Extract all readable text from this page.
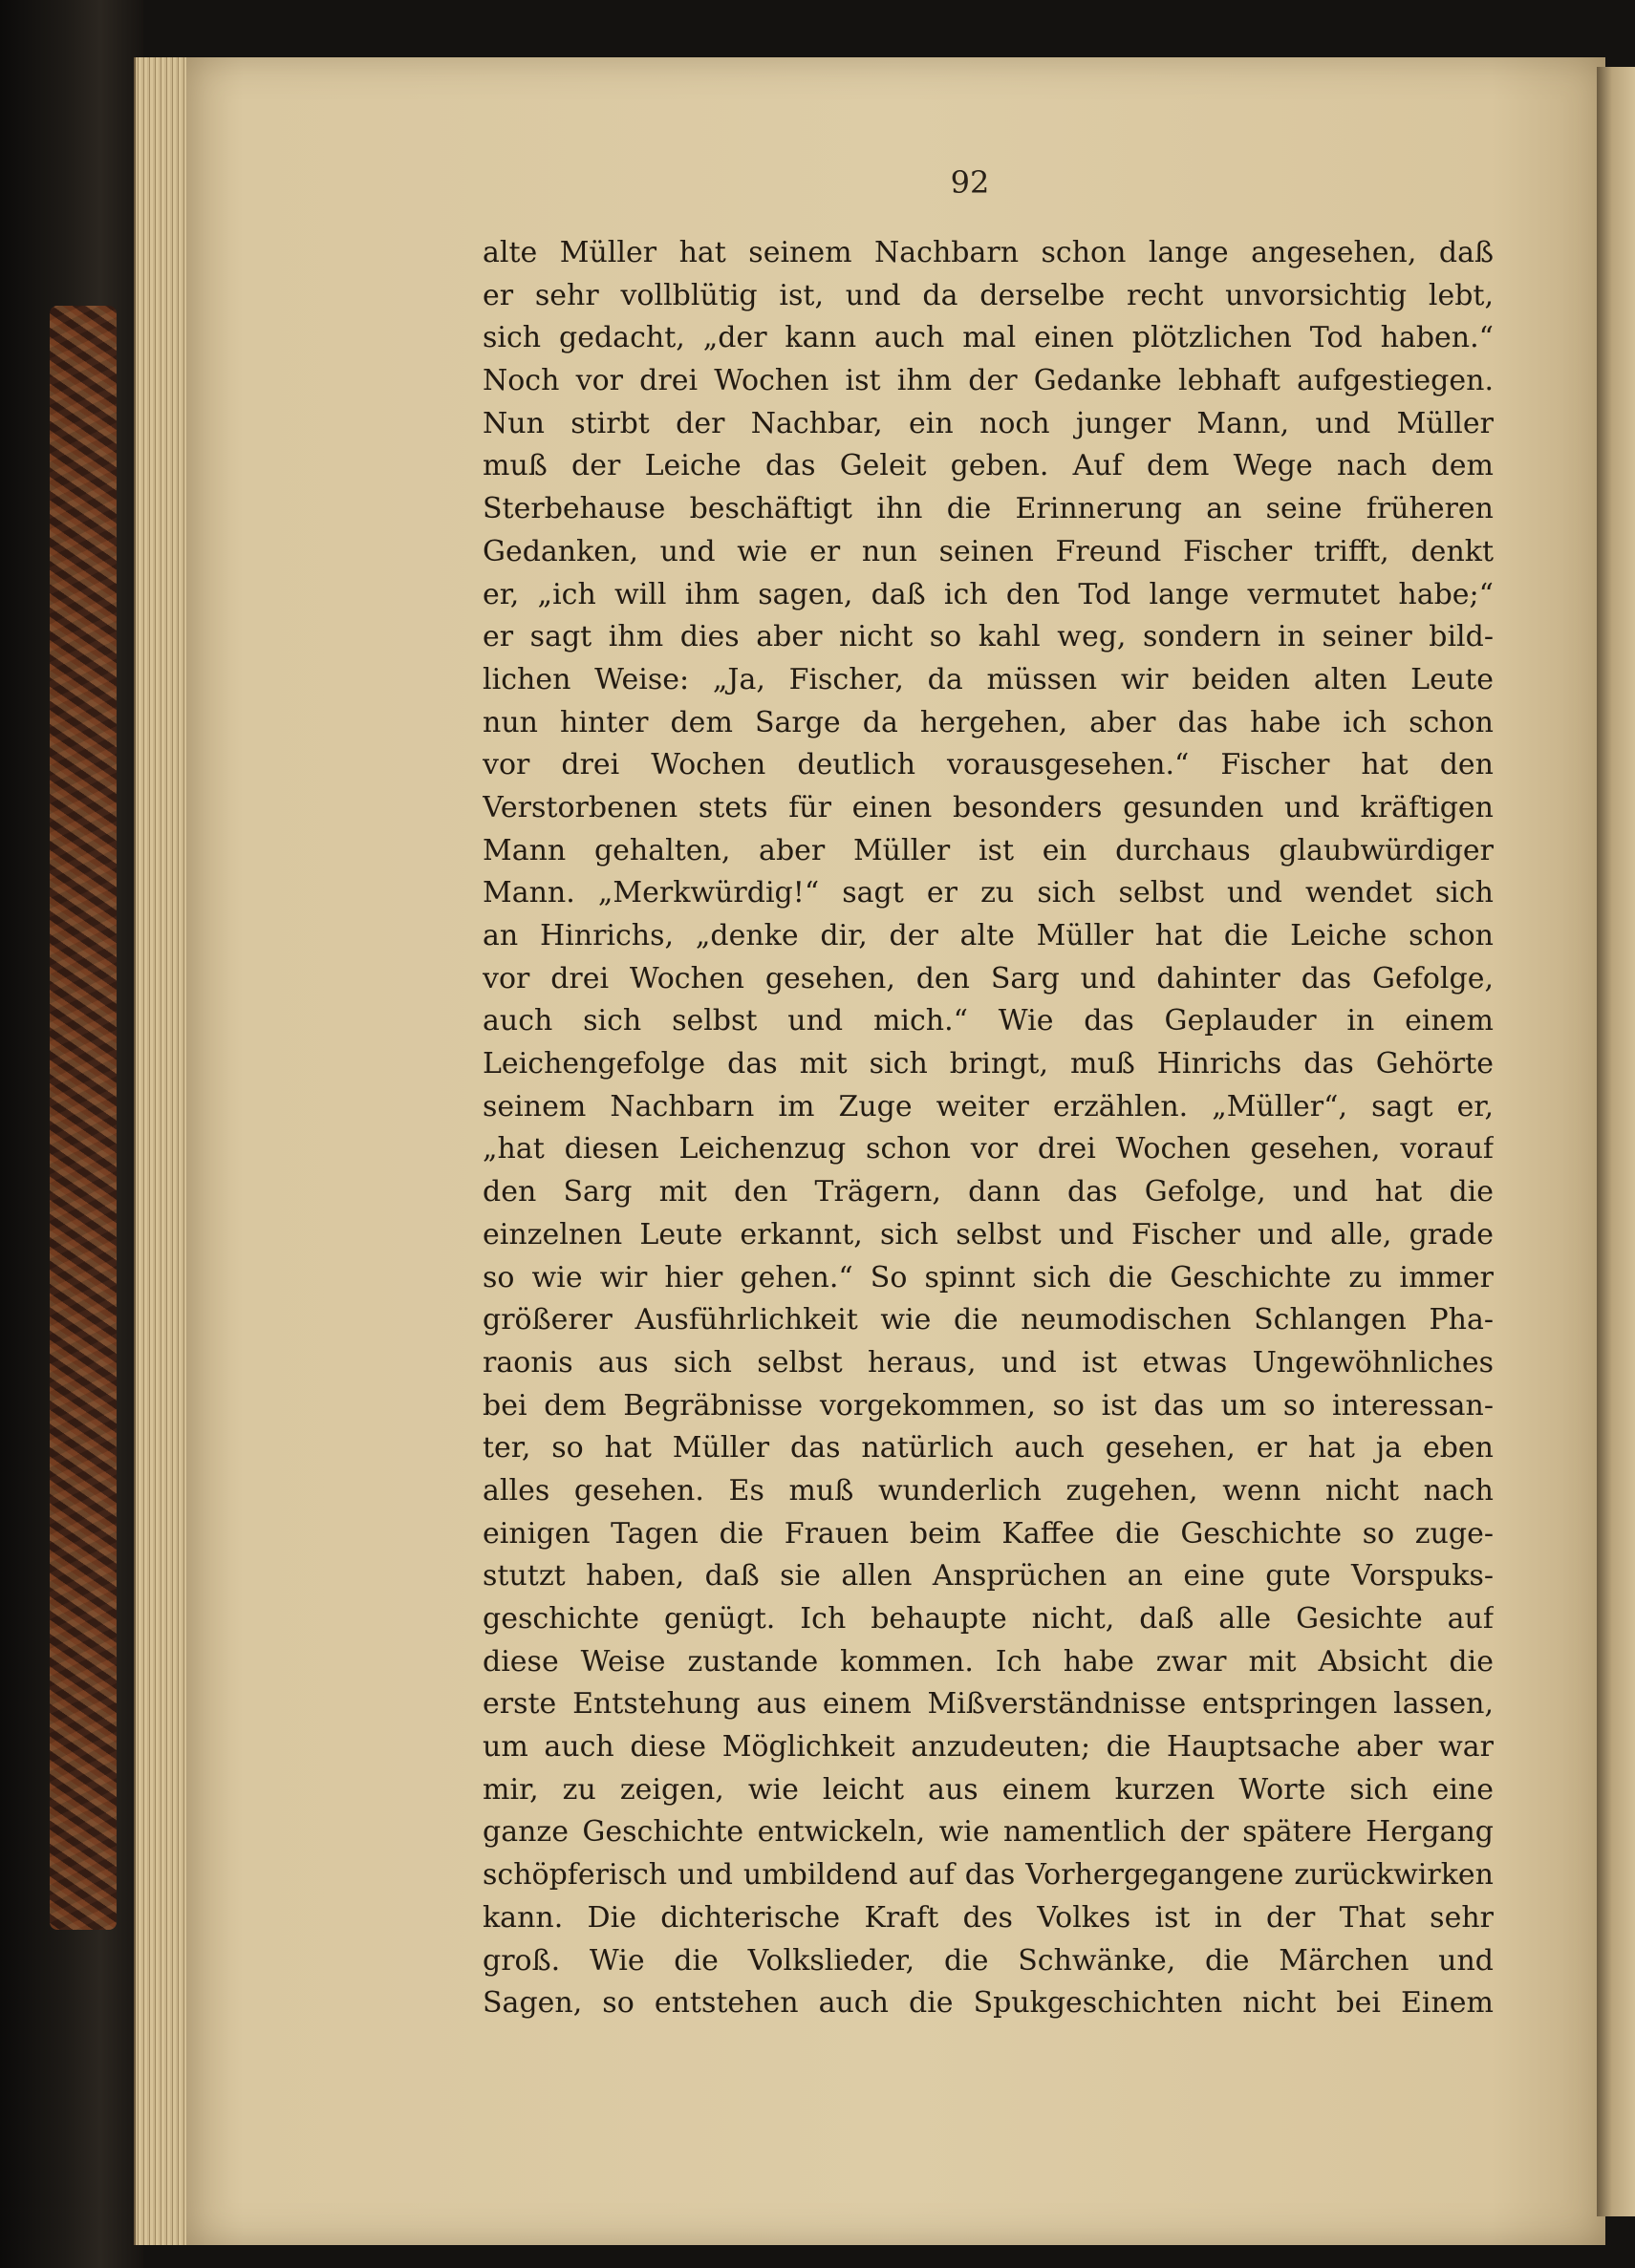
92
alte Müller hat seinem Nachbarn schon lange angesehen, daß
er sehr vollblütig ist, und da derselbe recht unvorsichtig lebt,
sich gedacht, „der kann auch mal einen plötzlichen Tod haben.“
Noch vor drei Wochen ist ihm der Gedanke lebhaft aufgestiegen.
Nun stirbt der Nachbar, ein noch junger Mann, und Müller
muß der Leiche das Geleit geben. Auf dem Wege nach dem
Sterbehause beschäftigt ihn die Erinnerung an seine früheren
Gedanken, und wie er nun seinen Freund Fischer trifft, denkt
er, „ich will ihm sagen, daß ich den Tod lange vermutet habe;“
er sagt ihm dies aber nicht so kahl weg, sondern in seiner bild-
lichen Weise: „Ja, Fischer, da müssen wir beiden alten Leute
nun hinter dem Sarge da hergehen, aber das habe ich schon
vor drei Wochen deutlich vorausgesehen.“ Fischer hat den
Verstorbenen stets für einen besonders gesunden und kräftigen
Mann gehalten, aber Müller ist ein durchaus glaubwürdiger
Mann. „Merkwürdig!“ sagt er zu sich selbst und wendet sich
an Hinrichs, „denke dir, der alte Müller hat die Leiche schon
vor drei Wochen gesehen, den Sarg und dahinter das Gefolge,
auch sich selbst und mich.“ Wie das Geplauder in einem
Leichengefolge das mit sich bringt, muß Hinrichs das Gehörte
seinem Nachbarn im Zuge weiter erzählen. „Müller“, sagt er,
„hat diesen Leichenzug schon vor drei Wochen gesehen, vorauf
den Sarg mit den Trägern, dann das Gefolge, und hat die
einzelnen Leute erkannt, sich selbst und Fischer und alle, grade
so wie wir hier gehen.“ So spinnt sich die Geschichte zu immer
größerer Ausführlichkeit wie die neumodischen Schlangen Pha-
raonis aus sich selbst heraus, und ist etwas Ungewöhnliches
bei dem Begräbnisse vorgekommen, so ist das um so interessan-
ter, so hat Müller das natürlich auch gesehen, er hat ja eben
alles gesehen. Es muß wunderlich zugehen, wenn nicht nach
einigen Tagen die Frauen beim Kaffee die Geschichte so zuge-
stutzt haben, daß sie allen Ansprüchen an eine gute Vorspuks-
geschichte genügt. Ich behaupte nicht, daß alle Gesichte auf
diese Weise zustande kommen. Ich habe zwar mit Absicht die
erste Entstehung aus einem Mißverständnisse entspringen lassen,
um auch diese Möglichkeit anzudeuten; die Hauptsache aber war
mir, zu zeigen, wie leicht aus einem kurzen Worte sich eine
ganze Geschichte entwickeln, wie namentlich der spätere Hergang
schöpferisch und umbildend auf das Vorhergegangene zurückwirken
kann. Die dichterische Kraft des Volkes ist in der That sehr
groß. Wie die Volkslieder, die Schwänke, die Märchen und
Sagen, so entstehen auch die Spukgeschichten nicht bei Einem
